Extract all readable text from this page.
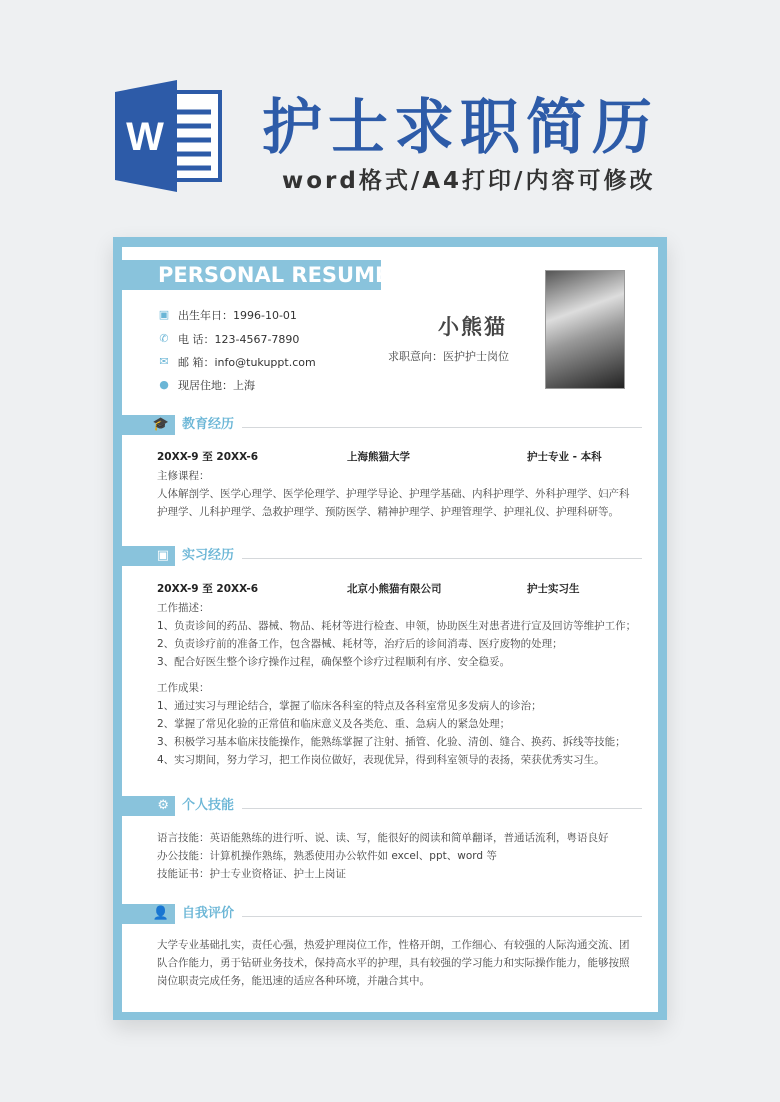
W 护士求职简历
word格式/A4打印/内容可修改
PERSONAL RESUME
▣ 出生年日：1996-10-01
✆ 电 话：123-4567-7890
✉ 邮 箱：info@tukuppt.com
● 现居住地：上海
小熊猫
求职意向：医护护士岗位
🎓	教育经历
20XX-9 至 20XX-6	上海熊猫大学	护士专业 - 本科
主修课程：
人体解剖学、医学心理学、医学伦理学、护理学导论、护理学基础、内科护理学、外科护理学、妇产科护理学、儿科护理学、急救护理学、预防医学、精神护理学、护理管理学、护理礼仪、护理科研等。
▣	实习经历
20XX-9 至 20XX-6	北京小熊猫有限公司	护士实习生
工作描述：
1、负责诊间的药品、器械、物品、耗材等进行检查、申领，协助医生对患者进行宣及回访等维护工作；
2、负责诊疗前的准备工作，包含器械、耗材等，治疗后的诊间消毒、医疗废物的处理；
3、配合好医生整个诊疗操作过程，确保整个诊疗过程顺利有序、安全稳妥。
工作成果：
1、通过实习与理论结合，掌握了临床各科室的特点及各科室常见多发病人的诊治；
2、掌握了常见化验的正常值和临床意义及各类危、重、急病人的紧急处理；
3、积极学习基本临床技能操作，能熟练掌握了注射、插管、化验、清创、缝合、换药、拆线等技能；
4、实习期间，努力学习，把工作岗位做好，表现优异，得到科室领导的表扬，荣获优秀实习生。
⚙	个人技能
语言技能：英语能熟练的进行听、说、读、写，能很好的阅读和简单翻译，普通话流利，粤语良好
办公技能：计算机操作熟练，熟悉使用办公软件如 excel、ppt、word 等
技能证书：护士专业资格证、护士上岗证
👤	自我评价
大学专业基础扎实，责任心强，热爱护理岗位工作，性格开朗，工作细心、有较强的人际沟通交流、团队合作能力，勇于钻研业务技术，保持高水平的护理，具有较强的学习能力和实际操作能力，能够按照岗位职责完成任务，能迅速的适应各种环境，并融合其中。
